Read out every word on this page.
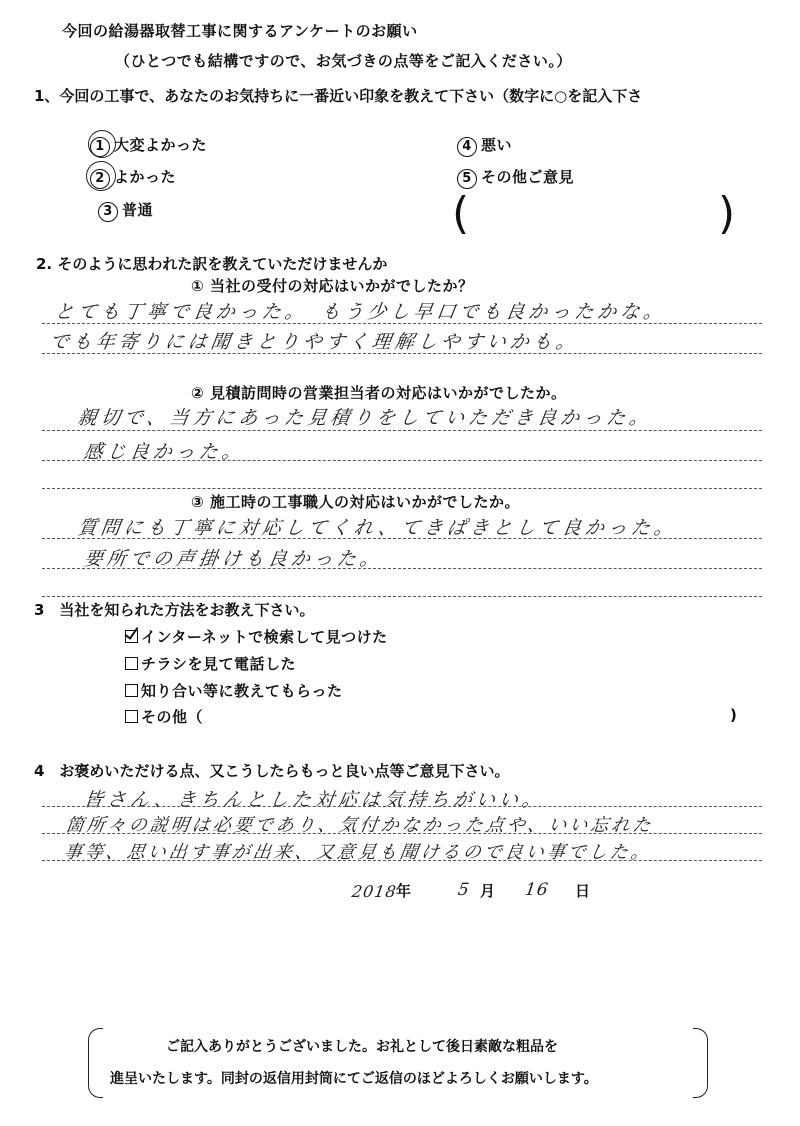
今回の給湯器取替工事に関するアンケートのお願い
（ひとつでも結構ですので、お気づきの点等をご記入ください。）
1、今回の工事で、あなたのお気持ちに一番近い印象を教えて下さい（数字に○を記入下さ
1 大変よかった
2 よかった
3 普通
4 悪い
5 その他ご意見
(	)
2. そのように思われた訳を教えていただけませんか
① 当社の受付の対応はいかがでしたか？
とても丁寧で良かった。　もう少し早口でも良かったかな。
でも年寄りには聞きとりやすく理解しやすいかも。
② 見積訪問時の営業担当者の対応はいかがでしたか。
親切で、当方にあった見積りをしていただき良かった。
感じ良かった。
③ 施工時の工事職人の対応はいかがでしたか。
質問にも丁寧に対応してくれ、てきぱきとして良かった。
要所での声掛けも良かった。
3　当社を知られた方法をお教え下さい。
インターネットで検索して見つけた
チラシを見て電話した
知り合い等に教えてもらった
その他（	)
4　お褒めいただける点、又こうしたらもっと良い点等ご意見下さい。
皆さん、きちんとした対応は気持ちがいい。
箇所々の説明は必要であり、気付かなかった点や、いい忘れた
事等、思い出す事が出来、又意見も聞けるので良い事でした。
2018
年	5 月 16 日
ご記入ありがとうございました。お礼として後日素敵な粗品を
進呈いたします。同封の返信用封筒にてご返信のほどよろしくお願いします。
